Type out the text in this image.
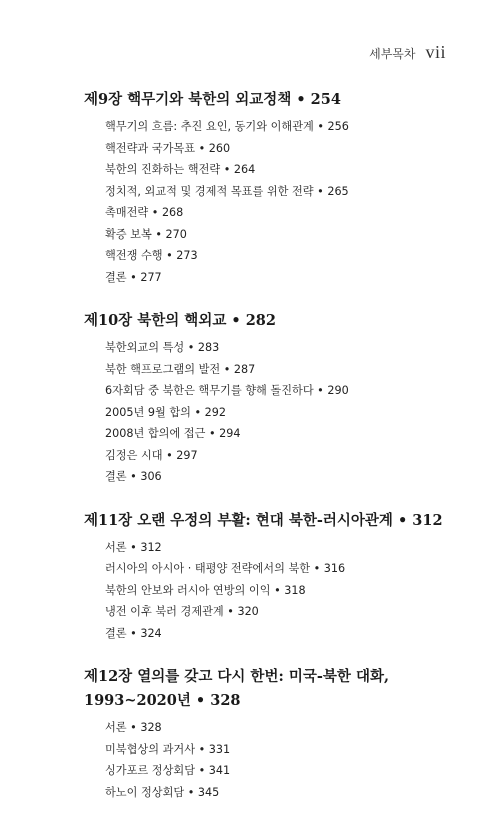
세부목차 vii
제9장 핵무기와 북한의 외교정책 • 254
핵무기의 흐름: 추진 요인, 동기와 이해관계 • 256
핵전략과 국가목표 • 260
북한의 진화하는 핵전략 • 264
정치적, 외교적 및 경제적 목표를 위한 전략 • 265
촉매전략 • 268
확증 보복 • 270
핵전쟁 수행 • 273
결론 • 277
제10장 북한의 핵외교 • 282
북한외교의 특성 • 283
북한 핵프로그램의 발전 • 287
6자회담 중 북한은 핵무기를 향해 돌진하다 • 290
2005년 9월 합의 • 292
2008년 합의에 접근 • 294
김정은 시대 • 297
결론 • 306
제11장 오랜 우정의 부활: 현대 북한-러시아관계 • 312
서론 • 312
러시아의 아시아 · 태평양 전략에서의 북한 • 316
북한의 안보와 러시아 연방의 이익 • 318
냉전 이후 북러 경제관계 • 320
결론 • 324
제12장 열의를 갖고 다시 한번: 미국-북한 대화,
1993~2020년 • 328
서론 • 328
미북협상의 과거사 • 331
싱가포르 정상회담 • 341
하노이 정상회담 • 345
